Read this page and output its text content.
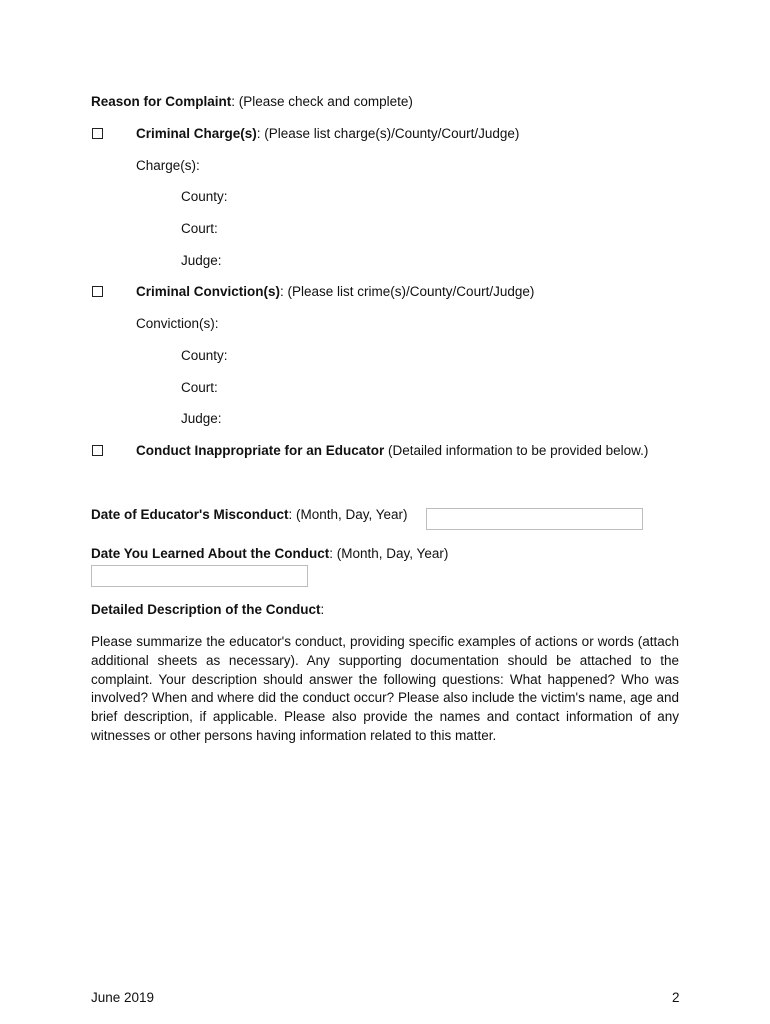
Reason for Complaint: (Please check and complete)
Criminal Charge(s): (Please list charge(s)/County/Court/Judge)
Charge(s):
County:
Court:
Judge:
Criminal Conviction(s): (Please list crime(s)/County/Court/Judge)
Conviction(s):
County:
Court:
Judge:
Conduct Inappropriate for an Educator (Detailed information to be provided below.)
Date of Educator's Misconduct: (Month, Day, Year)
Date You Learned About the Conduct: (Month, Day, Year)
Detailed Description of the Conduct:
Please summarize the educator's conduct, providing specific examples of actions or words (attach additional sheets as necessary). Any supporting documentation should be attached to the complaint. Your description should answer the following questions: What happened? Who was involved? When and where did the conduct occur? Please also include the victim's name, age and brief description, if applicable. Please also provide the names and contact information of any witnesses or other persons having information related to this matter.
June 2019	2
